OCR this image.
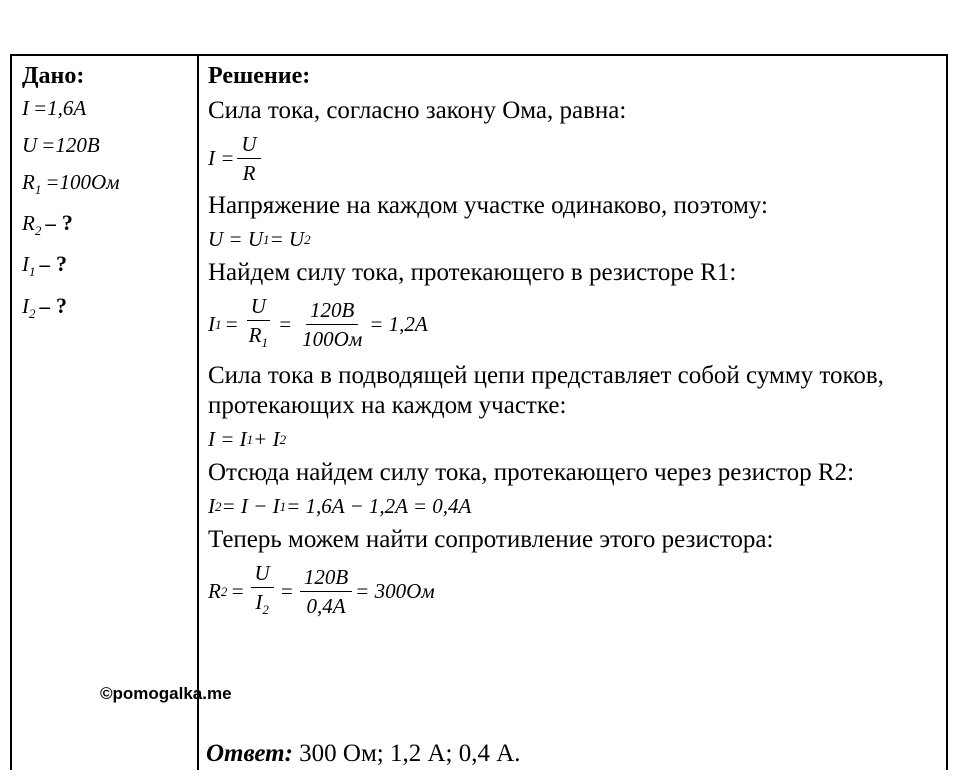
Дано:
I =1,6A
U =120B
$R_1 =100Ом$
$R_2$ – ?
$I_1$ – ?
$I_2$ – ?
Решение:
Сила тока, согласно закону Ома, равна:
$I = \frac{U}{R}$
Напряжение на каждом участке одинаково, поэтому:
U = U 1 = U 2
Найдем силу тока, протекающего в резисторе R1:
I $1 = \frac{U}{R_1} = \frac{120B}{100Ом} = 1,2A$
Сила тока в подводящей цепи представляет собой сумму токов, протекающих на каждом участке:
I = I 1 + I 2
Отсюда найдем силу тока, протекающего через резистор R2:
I 2 = I − I 1 = 1,6A − 1,2A = 0,4A
Теперь можем найти сопротивление этого резистора:
R $2 = \frac{U}{I_2} = \frac{120B}{0,4A} = 300Ом$
©pomogalka.me
Ответ: 300 Ом; 1,2 А; 0,4 А.
